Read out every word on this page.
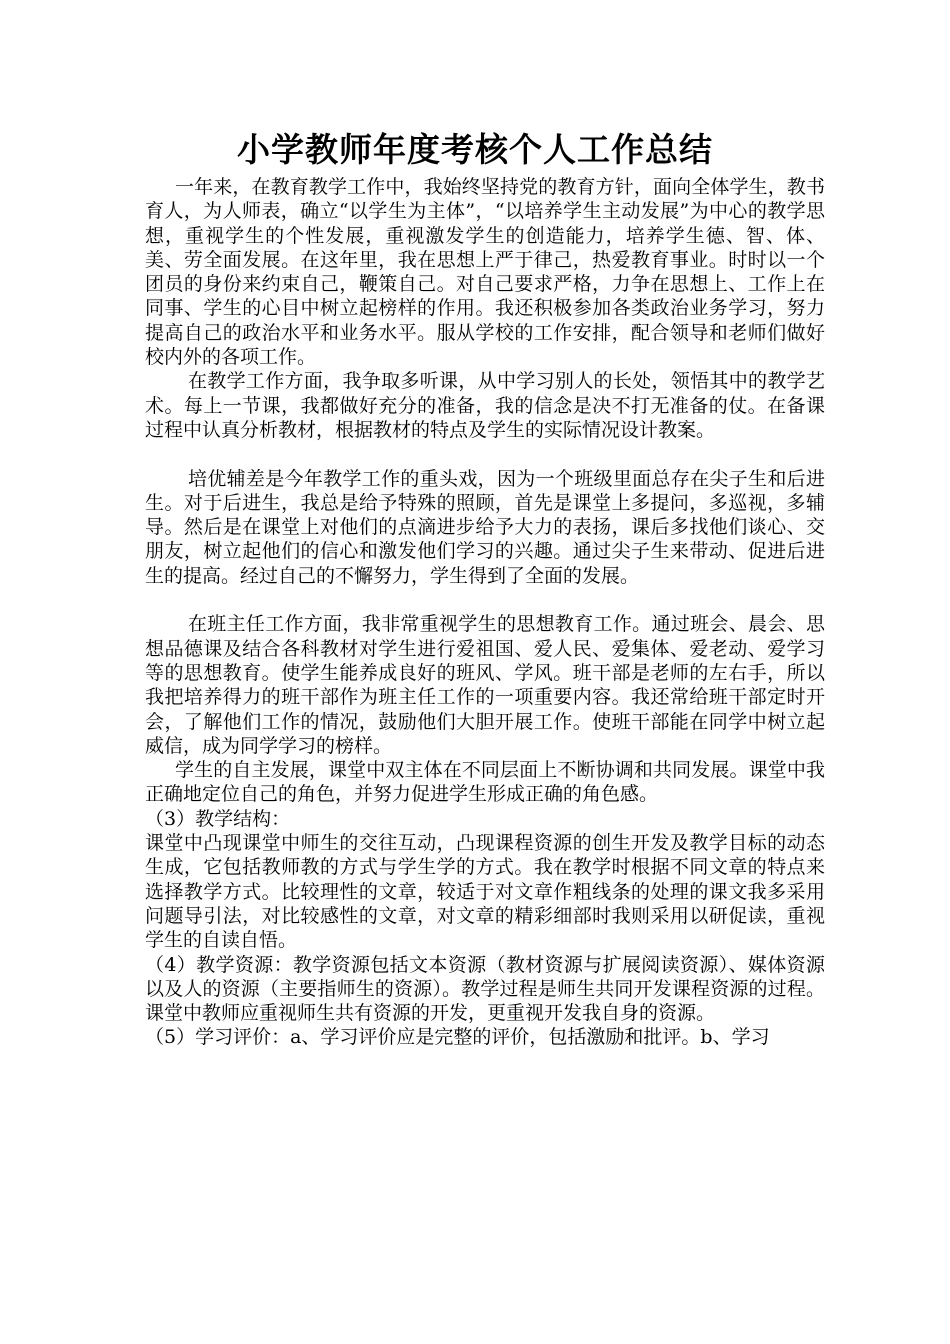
小学教师年度考核个人工作总结

一年来，在教育教学工作中，我始终坚持党的教育方针，面向全体学生，教书育人，为人师表，确立“以学生为主体”，“以培养学生主动发展”为中心的教学思想，重视学生的个性发展，重视激发学生的创造能力，培养学生德、智、体、美、劳全面发展。在这年里，我在思想上严于律己，热爱教育事业。时时以一个团员的身份来约束自己，鞭策自己。对自己要求严格，力争在思想上、工作上在同事、学生的心目中树立起榜样的作用。我还积极参加各类政治业务学习，努力提高自己的政治水平和业务水平。服从学校的工作安排，配合领导和老师们做好校内外的各项工作。

在教学工作方面，我争取多听课，从中学习别人的长处，领悟其中的教学艺术。每上一节课，我都做好充分的准备，我的信念是决不打无准备的仗。在备课过程中认真分析教材，根据教材的特点及学生的实际情况设计教案。

培优辅差是今年教学工作的重头戏，因为一个班级里面总存在尖子生和后进生。对于后进生，我总是给予特殊的照顾，首先是课堂上多提问，多巡视，多辅导。然后是在课堂上对他们的点滴进步给予大力的表扬，课后多找他们谈心、交朋友，树立起他们的信心和激发他们学习的兴趣。通过尖子生来带动、促进后进生的提高。经过自己的不懈努力，学生得到了全面的发展。

在班主任工作方面，我非常重视学生的思想教育工作。通过班会、晨会、思想品德课及结合各科教材对学生进行爱祖国、爱人民、爱集体、爱老动、爱学习等的思想教育。使学生能养成良好的班风、学风。班干部是老师的左右手，所以我把培养得力的班干部作为班主任工作的一项重要内容。我还常给班干部定时开会，了解他们工作的情况，鼓励他们大胆开展工作。使班干部能在同学中树立起威信，成为同学学习的榜样。

学生的自主发展，课堂中双主体在不同层面上不断协调和共同发展。课堂中我正确地定位自己的角色，并努力促进学生形成正确的角色感。

（3）教学结构：

课堂中凸现课堂中师生的交往互动，凸现课程资源的创生开发及教学目标的动态生成，它包括教师教的方式与学生学的方式。我在教学时根据不同文章的特点来选择教学方式。比较理性的文章，较适于对文章作粗线条的处理的课文我多采用问题导引法，对比较感性的文章，对文章的精彩细部时我则采用以研促读，重视学生的自读自悟。

（4）教学资源：教学资源包括文本资源（教材资源与扩展阅读资源）、媒体资源以及人的资源（主要指师生的资源）。教学过程是师生共同开发课程资源的过程。课堂中教师应重视师生共有资源的开发，更重视开发我自身的资源。

（5）学习评价：a、学习评价应是完整的评价，包括激励和批评。b、学习
